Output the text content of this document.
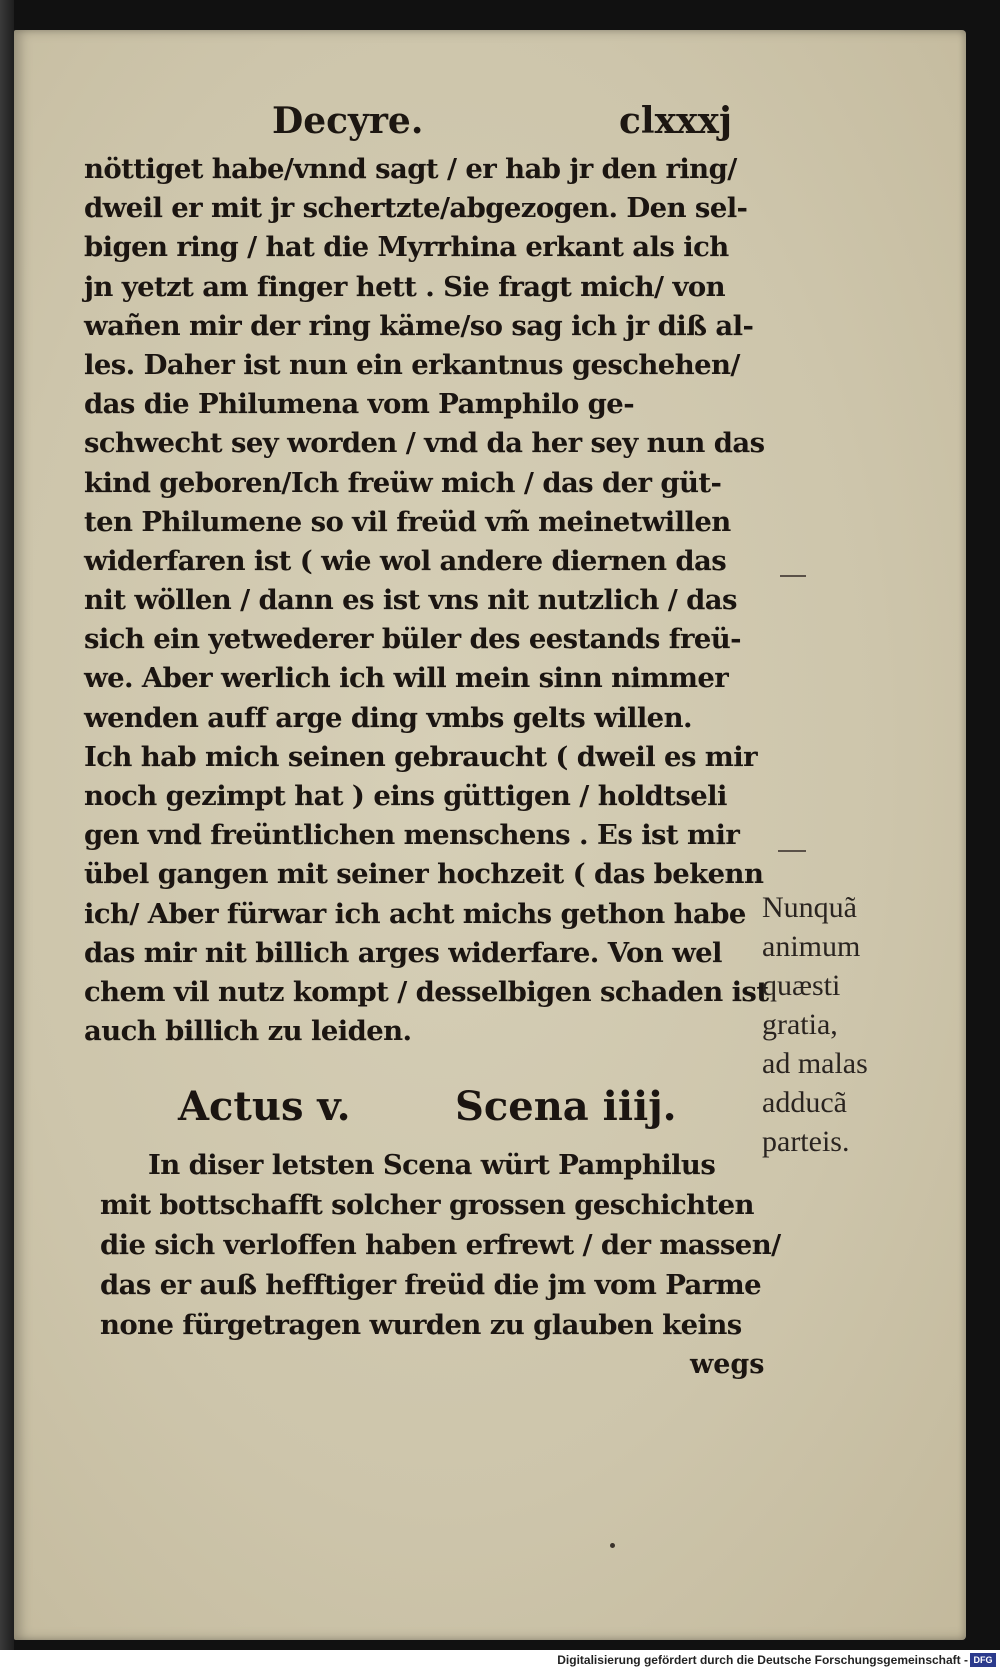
Decyre.	clxxxj
nöttiget habe/vnnd sagt / er hab jr den ring/
dweil er mit jr schertzte/abgezogen. Den sel-
bigen ring / hat die Myrrhina erkant als ich
jn yetzt am finger hett . Sie fragt mich/ von
wañen mir der ring käme/so sag ich jr diß al-
les. Daher ist nun ein erkantnus geschehen/
das die Philumena vom Pamphilo ge-
schwecht sey worden / vnd da her sey nun das
kind geboren/Ich freüw mich / das der güt-
ten Philumene so vil freüd vm̃ meinetwillen
widerfaren ist ( wie wol andere diernen das
nit wöllen / dann es ist vns nit nutzlich / das
sich ein yetwederer büler des eestands freü-
we. Aber werlich ich will mein sinn nimmer
wenden auff arge ding vmbs gelts willen.
Ich hab mich seinen gebraucht ( dweil es mir
noch gezimpt hat ) eins güttigen / holdtseli
gen vnd freüntlichen menschens . Es ist mir
übel gangen mit seiner hochzeit ( das bekenn
ich/ Aber fürwar ich acht michs gethon habe
das mir nit billich arges widerfare. Von wel
chem vil nutz kompt / desselbigen schaden ist
auch billich zu leiden.
Nunquã
animum
quæsti
gratia,
ad malas
adducã
parteis.
Actus v.	Scena iiij.
In diser letsten Scena würt Pamphilus
mit bottschafft solcher grossen geschichten
die sich verloffen haben erfrewt / der massen/
das er auß hefftiger freüd die jm vom Parme
none fürgetragen wurden zu glauben keins
wegs
Digitalisierung gefördert durch die Deutsche Forschungsgemeinschaft - DFG
